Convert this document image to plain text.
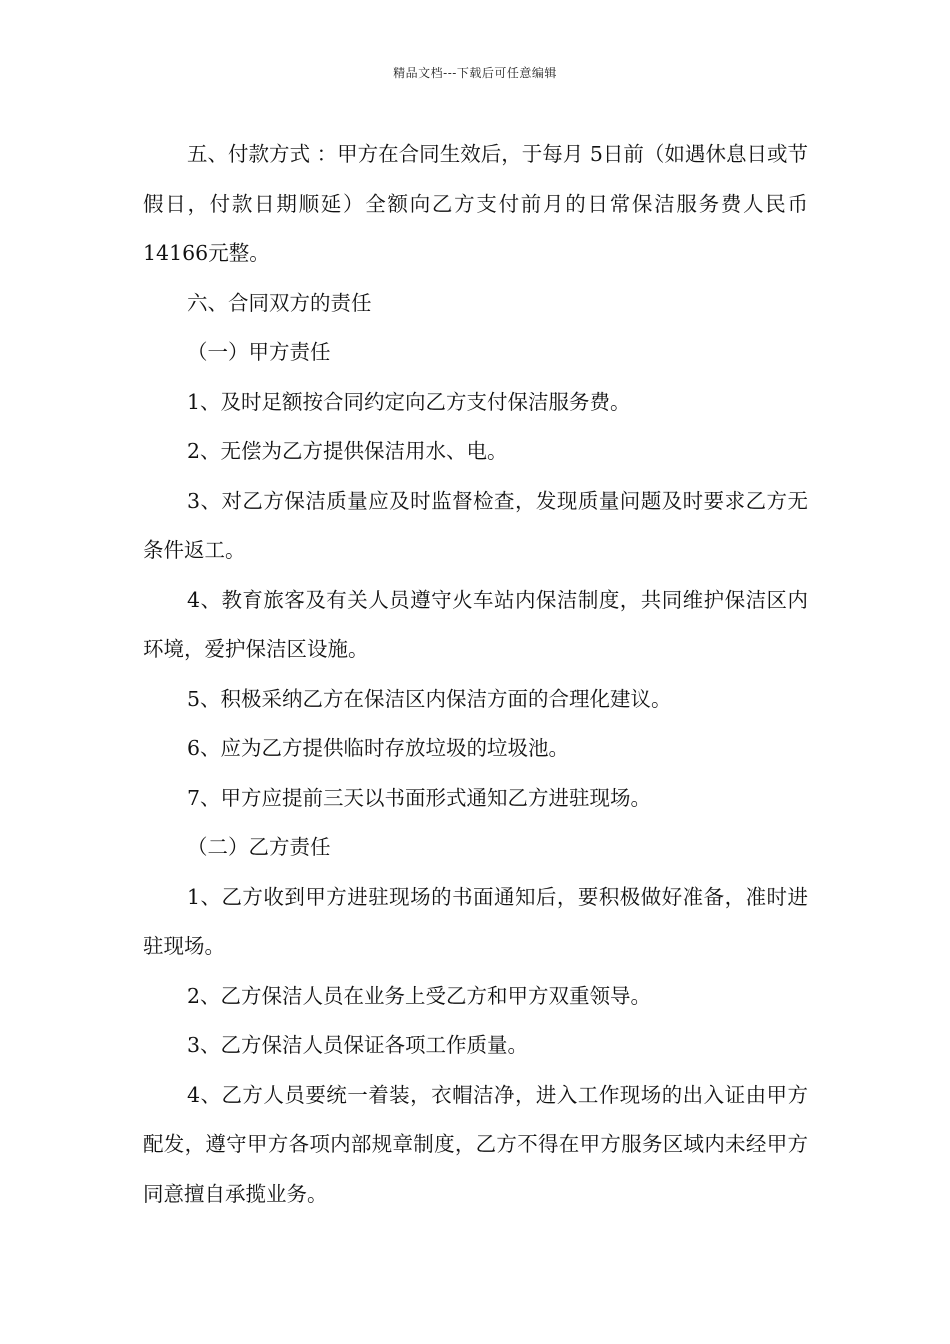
精品文档---下载后可任意编辑

五、付款方式 ：甲方在合同生效后，于每月 5日前（如遇休息日或节假日，付款日期顺延）全额向乙方支付前月的日常保洁服务费人民币14166元整。

六、合同双方的责任

（一）甲方责任

1、及时足额按合同约定向乙方支付保洁服务费。

2、无偿为乙方提供保洁用水、电。

3、对乙方保洁质量应及时监督检查，发现质量问题及时要求乙方无条件返工。

4、教育旅客及有关人员遵守火车站内保洁制度，共同维护保洁区内环境，爱护保洁区设施。

5、积极采纳乙方在保洁区内保洁方面的合理化建议。

6、应为乙方提供临时存放垃圾的垃圾池。

7、甲方应提前三天以书面形式通知乙方进驻现场。

（二）乙方责任

1、乙方收到甲方进驻现场的书面通知后，要积极做好准备，准时进驻现场。

2、乙方保洁人员在业务上受乙方和甲方双重领导。

3、乙方保洁人员保证各项工作质量。

4、乙方人员要统一着装，衣帽洁净，进入工作现场的出入证由甲方配发，遵守甲方各项内部规章制度，乙方不得在甲方服务区域内未经甲方同意擅自承揽业务。
